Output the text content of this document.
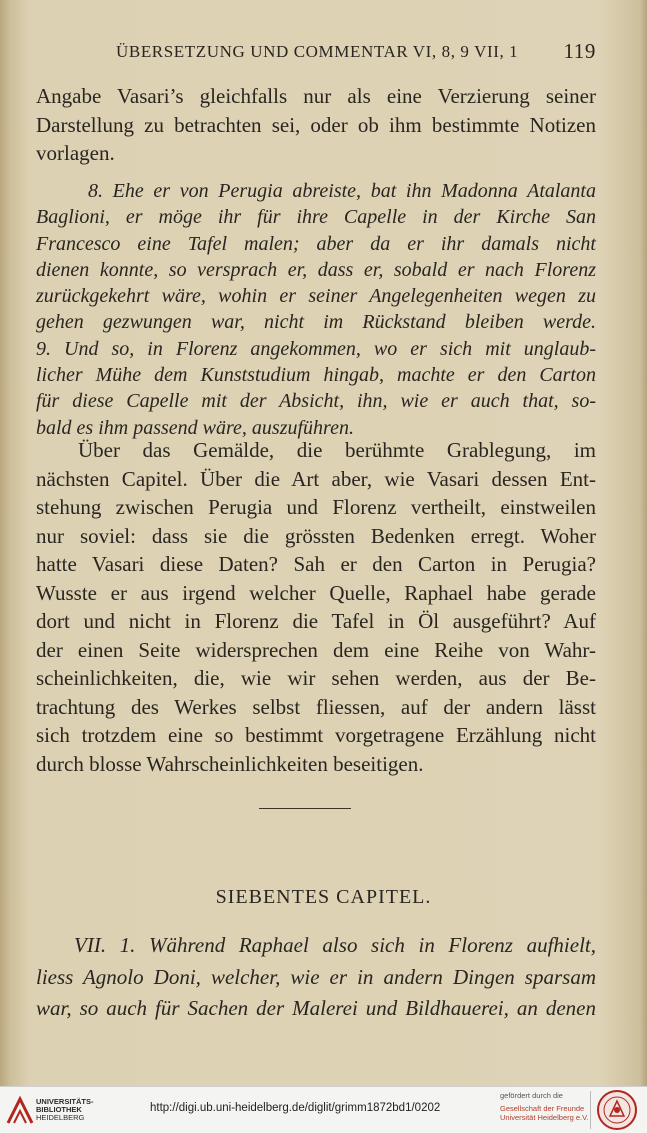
ÜBERSETZUNG UND COMMENTAR VI, 8, 9 VII, 1 119
Angabe Vasari’s gleichfalls nur als eine Verzierung seiner
Darstellung zu betrachten sei, oder ob ihm bestimmte Notizen
vorlagen.
8. Ehe er von Perugia abreiste, bat ihn Madonna Atalanta
Baglioni, er möge ihr für ihre Capelle in der Kirche San
Francesco eine Tafel malen; aber da er ihr damals nicht
dienen konnte, so versprach er, dass er, sobald er nach Florenz
zurückgekehrt wäre, wohin er seiner Angelegenheiten wegen zu
gehen gezwungen war, nicht im Rückstand bleiben werde.
9. Und so, in Florenz angekommen, wo er sich mit unglaub-
licher Mühe dem Kunststudium hingab, machte er den Carton
für diese Capelle mit der Absicht, ihn, wie er auch that, so-
bald es ihm passend wäre, auszuführen.
Über das Gemälde, die berühmte Grablegung, im
nächsten Capitel. Über die Art aber, wie Vasari dessen Ent-
stehung zwischen Perugia und Florenz vertheilt, einstweilen
nur soviel: dass sie die grössten Bedenken erregt. Woher
hatte Vasari diese Daten? Sah er den Carton in Perugia?
Wusste er aus irgend welcher Quelle, Raphael habe gerade
dort und nicht in Florenz die Tafel in Öl ausgeführt? Auf
der einen Seite widersprechen dem eine Reihe von Wahr-
scheinlichkeiten, die, wie wir sehen werden, aus der Be-
trachtung des Werkes selbst fliessen, auf der andern lässt
sich trotzdem eine so bestimmt vorgetragene Erzählung nicht
durch blosse Wahrscheinlichkeiten beseitigen.
SIEBENTES CAPITEL.
VII. 1. Während Raphael also sich in Florenz aufhielt,
liess Agnolo Doni, welcher, wie er in andern Dingen sparsam
war, so auch für Sachen der Malerei und Bildhauerei, an denen
UNIVERSITÄTS-
BIBLIOTHEK
HEIDELBERG
http://digi.ub.uni-heidelberg.de/diglit/grimm1872bd1/0202
gefördert durch die
Gesellschaft der Freunde
Universität Heidelberg e.V.
